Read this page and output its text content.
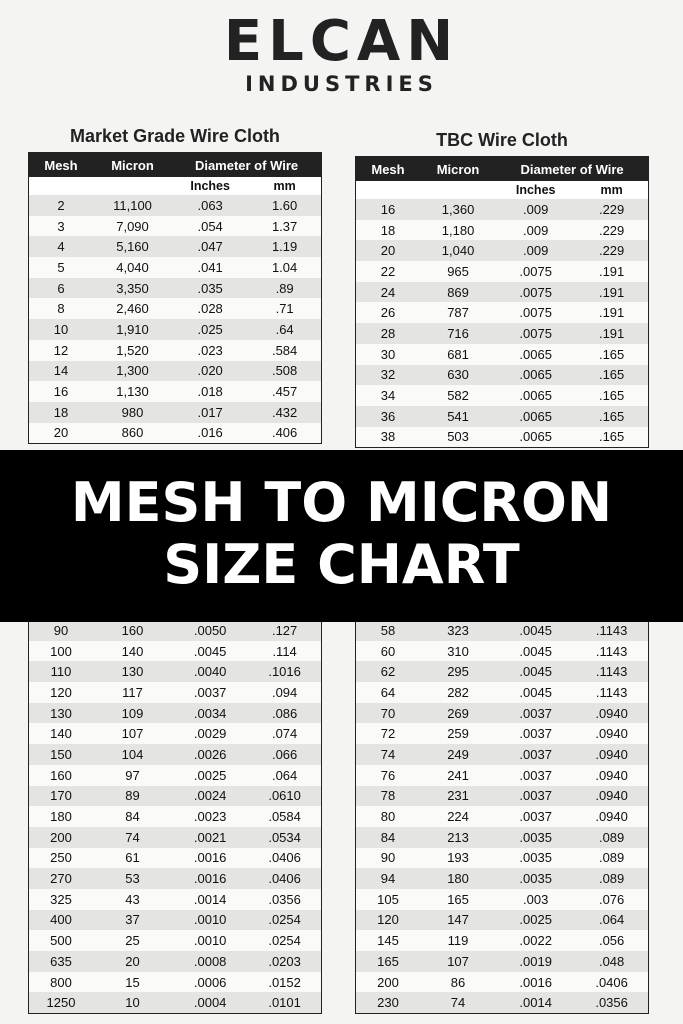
ELCAN
INDUSTRIES
Market Grade Wire Cloth
Mesh	Micron	Diameter of Wire	
		Inches	mm
2	11,100	.063	1.60
3	7,090	.054	1.37
4	5,160	.047	1.19
5	4,040	.041	1.04
6	3,350	.035	.89
8	2,460	.028	.71
10	1,910	.025	.64
12	1,520	.023	.584
14	1,300	.020	.508
16	1,130	.018	.457
18	980	.017	.432
20	860	.016	.406
TBC Wire Cloth
Mesh	Micron	Diameter of Wire	
		Inches	mm
16	1,360	.009	.229
18	1,180	.009	.229
20	1,040	.009	.229
22	965	.0075	.191
24	869	.0075	.191
26	787	.0075	.191
28	716	.0075	.191
30	681	.0065	.165
32	630	.0065	.165
34	582	.0065	.165
36	541	.0065	.165
38	503	.0065	.165
90	160	.0050	.127
100	140	.0045	.114
110	130	.0040	.1016
120	117	.0037	.094
130	109	.0034	.086
140	107	.0029	.074
150	104	.0026	.066
160	97	.0025	.064
170	89	.0024	.0610
180	84	.0023	.0584
200	74	.0021	.0534
250	61	.0016	.0406
270	53	.0016	.0406
325	43	.0014	.0356
400	37	.0010	.0254
500	25	.0010	.0254
635	20	.0008	.0203
800	15	.0006	.0152
1250	10	.0004	.0101
58	323	.0045	.1143
60	310	.0045	.1143
62	295	.0045	.1143
64	282	.0045	.1143
70	269	.0037	.0940
72	259	.0037	.0940
74	249	.0037	.0940
76	241	.0037	.0940
78	231	.0037	.0940
80	224	.0037	.0940
84	213	.0035	.089
90	193	.0035	.089
94	180	.0035	.089
105	165	.003	.076
120	147	.0025	.064
145	119	.0022	.056
165	107	.0019	.048
200	86	.0016	.0406
230	74	.0014	.0356
MESH TO MICRON
SIZE CHART
